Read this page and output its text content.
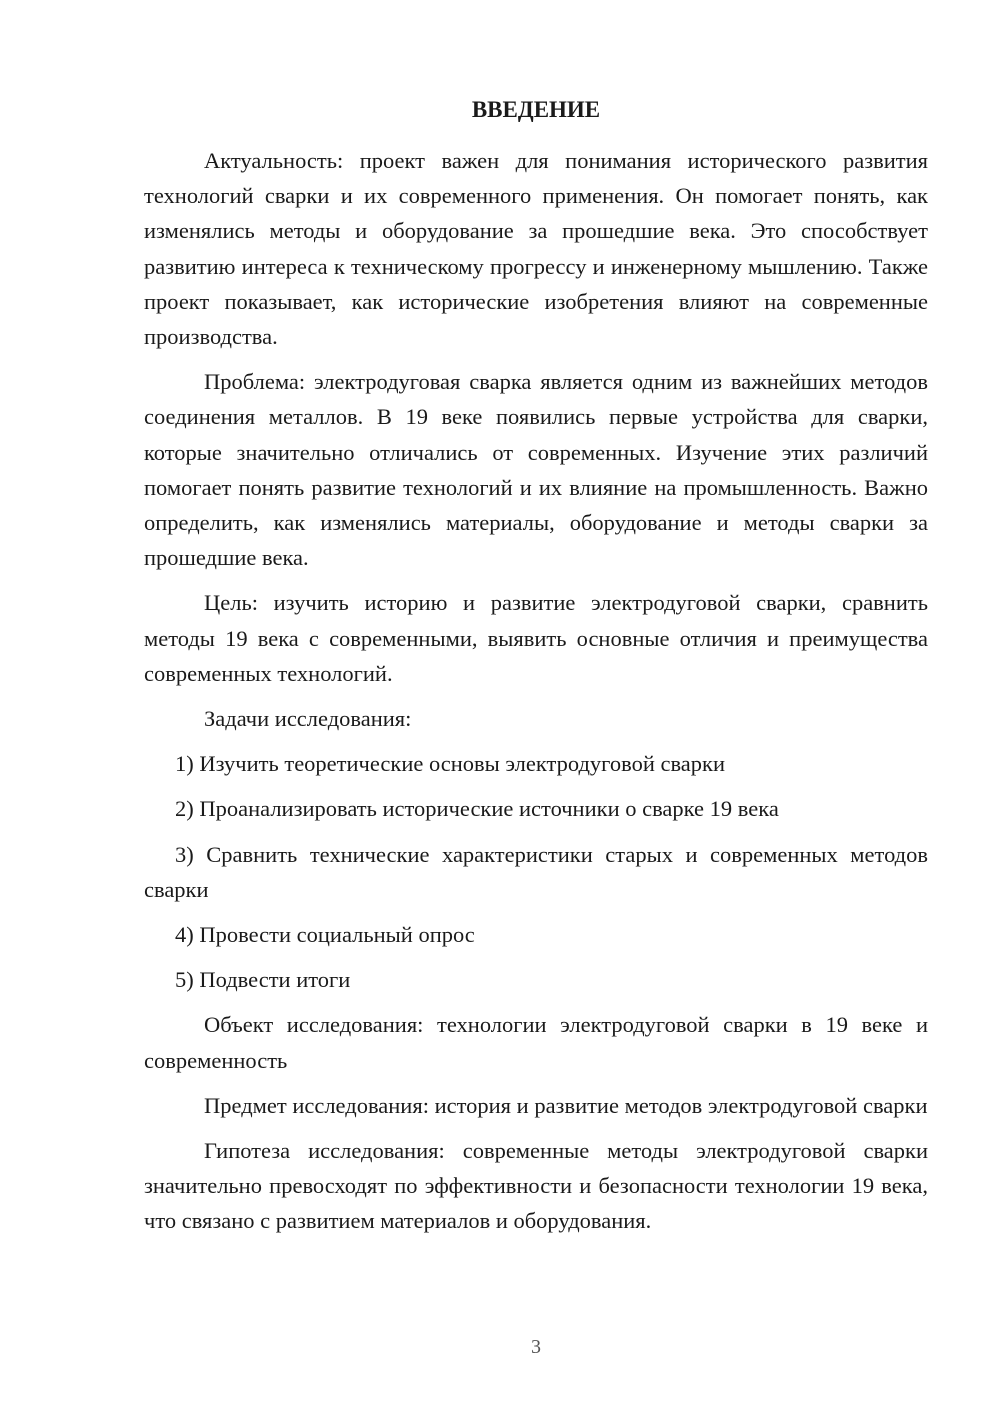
ВВЕДЕНИЕ

Актуальность: проект важен для понимания исторического развития технологий сварки и их современного применения. Он помогает понять, как изменялись методы и оборудование за прошедшие века. Это способствует развитию интереса к техническому прогрессу и инженерному мышлению. Также проект показывает, как исторические изобретения влияют на современные производства.

Проблема: электродуговая сварка является одним из важнейших методов соединения металлов. В 19 веке появились первые устройства для сварки, которые значительно отличались от современных. Изучение этих различий помогает понять развитие технологий и их влияние на промышленность. Важно определить, как изменялись материалы, оборудование и методы сварки за прошедшие века.

Цель: изучить историю и развитие электродуговой сварки, сравнить методы 19 века с современными, выявить основные отличия и преимущества современных технологий.

Задачи исследования:

1) Изучить теоретические основы электродуговой сварки

2) Проанализировать исторические источники о сварке 19 века

3) Сравнить технические характеристики старых и современных методов сварки

4) Провести социальный опрос

5) Подвести итоги

Объект исследования: технологии электродуговой сварки в 19 веке и современность

Предмет исследования: история и развитие методов электродуговой сварки

Гипотеза исследования: современные методы электродуговой сварки значительно превосходят по эффективности и безопасности технологии 19 века, что связано с развитием материалов и оборудования.

3
